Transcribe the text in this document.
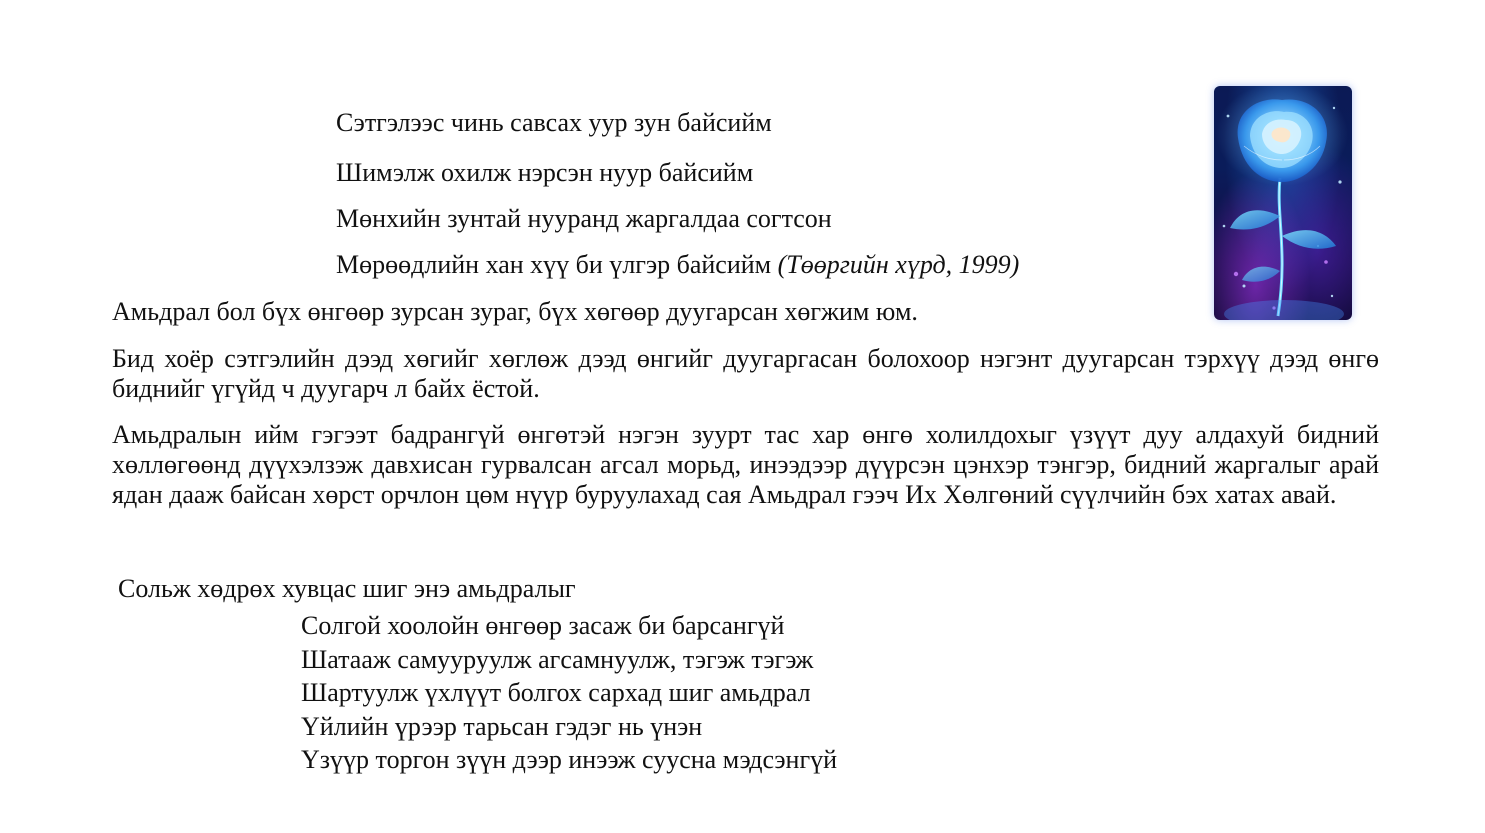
Сэтгэлээс чинь савсах уур зун байсийм
Шимэлж охилж нэрсэн нуур байсийм
Мөнхийн зунтай нууранд жаргалдаа согтсон
Мөрөөдлийн хан хүү би үлгэр байсийм (Төөргийн хүрд, 1999)

Амьдрал бол бүх өнгөөр зурсан зураг, бүх хөгөөр дуугарсан хөгжим юм.

Бид хоёр сэтгэлийн дээд хөгийг хөглөж дээд өнгийг дуугаргасан болохоор нэгэнт дуугарсан тэрхүү дээд өнгө биднийг үгүйд ч дуугарч л байх ёстой.

Амьдралын ийм гэгээт бадрангүй өнгөтэй нэгэн зуурт тас хар өнгө холилдохыг үзүүт дуу алдахуй бидний хөллөгөөнд дүүхэлзэж давхисан гурвалсан агсал морьд, инээдээр дүүрсэн цэнхэр тэнгэр, бидний жаргалыг арай ядан дааж байсан хөрст орчлон цөм нүүр буруулахад сая Амьдрал гээч Их Хөлгөний сүүлчийн бэх хатах авай.

Сольж хөдрөх хувцас шиг энэ амьдралыг
Солгой хоолойн өнгөөр засаж би барсангүй
Шатааж самууруулж агсамнуулж, тэгэж тэгэж
Шартуулж үхлүүт болгох сархад шиг амьдрал
Үйлийн үрээр тарьсан гэдэг нь үнэн
Үзүүр торгон зүүн дээр инээж суусна мэдсэнгүй
